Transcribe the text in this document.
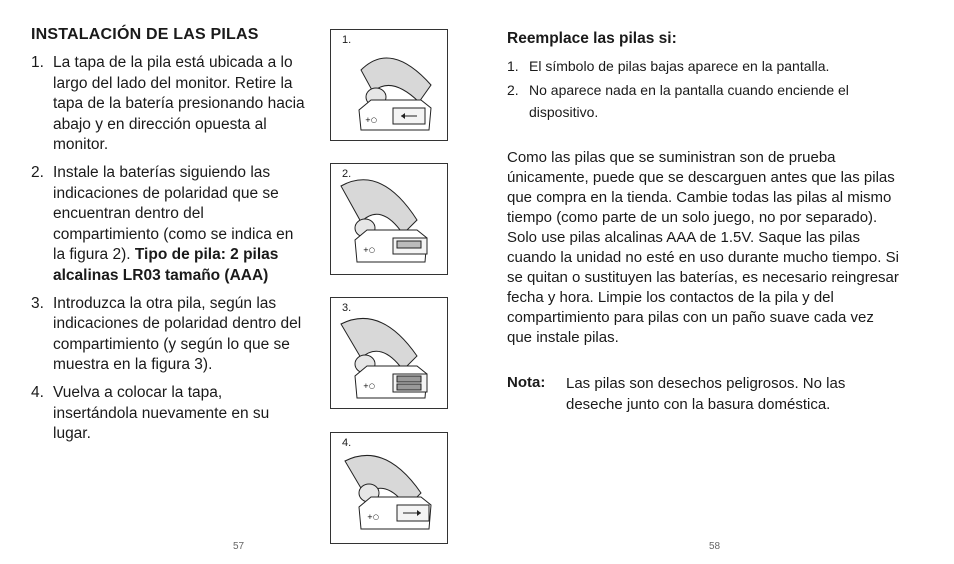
INSTALACIÓN DE LAS PILAS
1. La tapa de la pila está ubicada a lo largo del lado del monitor. Retire la tapa de la batería presionando hacia abajo y en dirección opuesta al monitor.
2. Instale la baterías siguiendo las indicaciones de polaridad que se encuentran dentro del compartimiento (como se indica en la figura 2). Tipo de pila: 2 pilas alcalinas LR03 tamaño (AAA)
3. Introduzca la otra pila, según las indicaciones de polaridad dentro del compartimiento (y según lo que se muestra en la figura 3).
4. Vuelva a colocar la tapa, insertándola nuevamente en su lugar.
57
1.
+○
2.
+○
3.
+○
4.
+○
Reemplace las pilas si:
1. El símbolo de pilas bajas aparece en la pantalla.
2. No aparece nada en la pantalla cuando enciende el dispositivo.
Como las pilas que se suministran son de prueba únicamente, puede que se descarguen antes que las pilas que compra en la tienda. Cambie todas las pilas al mismo tiempo (como parte de un solo juego, no por separado). Solo use pilas alcalinas AAA de 1.5V. Saque las pilas cuando la unidad no esté en uso durante mucho tiempo. Si se quitan o sustituyen las baterías, es necesario reingresar fecha y hora. Limpie los contactos de la pila y del compartimiento para pilas con un paño suave cada vez que instale pilas.
Nota: Las pilas son desechos peligrosos. No las deseche junto con la basura doméstica.
58
